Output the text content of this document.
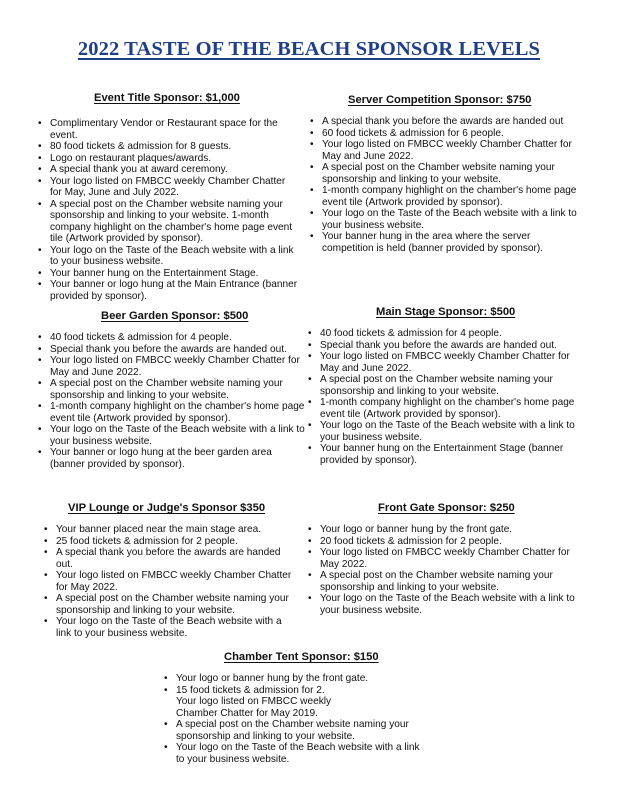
2022 TASTE OF THE BEACH SPONSOR LEVELS
Event Title Sponsor: $1,000
• Complimentary Vendor or Restaurant space for the event.
• 80 food tickets & admission for 8 guests.
• Logo on restaurant plaques/awards.
• A special thank you at award ceremony.
• Your logo listed on FMBCC weekly Chamber Chatter for May, June and July 2022.
• A special post on the Chamber website naming your sponsorship and linking to your website. 1-month company highlight on the chamber's home page event tile (Artwork provided by sponsor).
• Your logo on the Taste of the Beach website with a link to your business website.
• Your banner hung on the Entertainment Stage.
• Your banner or logo hung at the Main Entrance (banner provided by sponsor).
Server Competition Sponsor: $750
• A special thank you before the awards are handed out
• 60 food tickets & admission for 6 people.
• Your logo listed on FMBCC weekly Chamber Chatter for May and June 2022.
• A special post on the Chamber website naming your sponsorship and linking to your website.
• 1-month company highlight on the chamber's home page event tile (Artwork provided by sponsor).
• Your logo on the Taste of the Beach website with a link to your business website.
• Your banner hung in the area where the server competition is held (banner provided by sponsor).
Beer Garden Sponsor: $500
• 40 food tickets & admission for 4 people.
• Special thank you before the awards are handed out.
• Your logo listed on FMBCC weekly Chamber Chatter for May and June 2022.
• A special post on the Chamber website naming your sponsorship and linking to your website.
• 1-month company highlight on the chamber's home page event tile (Artwork provided by sponsor).
• Your logo on the Taste of the Beach website with a link to your business website.
• Your banner or logo hung at the beer garden area (banner provided by sponsor).
Main Stage Sponsor: $500
• 40 food tickets & admission for 4 people.
• Special thank you before the awards are handed out.
• Your logo listed on FMBCC weekly Chamber Chatter for May and June 2022.
• A special post on the Chamber website naming your sponsorship and linking to your website.
• 1-month company highlight on the chamber's home page event tile (Artwork provided by sponsor).
• Your logo on the Taste of the Beach website with a link to your business website.
• Your banner hung on the Entertainment Stage (banner provided by sponsor).
VIP Lounge or Judge's Sponsor $350
• Your banner placed near the main stage area.
• 25 food tickets & admission for 2 people.
• A special thank you before the awards are handed out.
• Your logo listed on FMBCC weekly Chamber Chatter for May 2022.
• A special post on the Chamber website naming your sponsorship and linking to your website.
• Your logo on the Taste of the Beach website with a link to your business website.
Front Gate Sponsor: $250
• Your logo or banner hung by the front gate.
• 20 food tickets & admission for 2 people.
• Your logo listed on FMBCC weekly Chamber Chatter for May 2022.
• A special post on the Chamber website naming your sponsorship and linking to your website.
• Your logo on the Taste of the Beach website with a link to your business website.
Chamber Tent Sponsor: $150
• Your logo or banner hung by the front gate.
• 15 food tickets & admission for 2.
Your logo listed on FMBCC weekly Chamber Chatter for May 2019.
• A special post on the Chamber website naming your sponsorship and linking to your website.
• Your logo on the Taste of the Beach website with a link to your business website.
